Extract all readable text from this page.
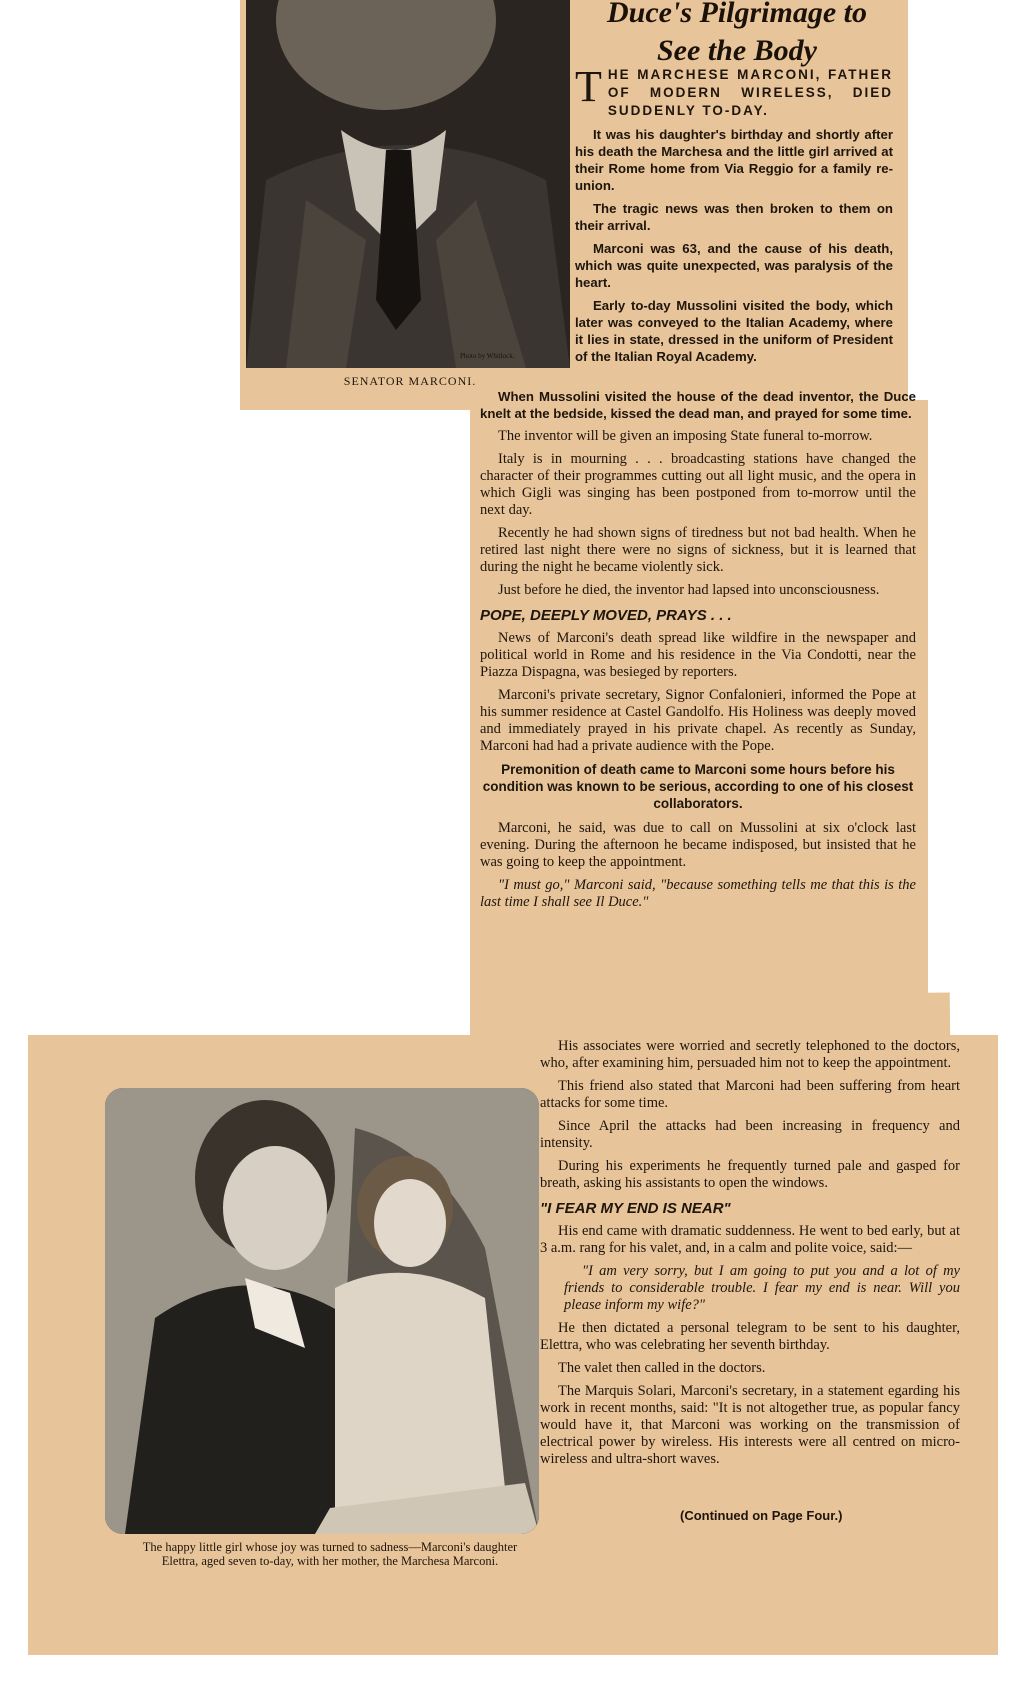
Photo by Whitlock.
SENATOR MARCONI.
Duce's Pilgrimage to
See the Body
T HE MARCHESE MARCONI, FATHER OF MODERN WIRELESS, DIED SUDDENLY TO-DAY.

It was his daughter's birthday and shortly after his death the Marchesa and the little girl arrived at their Rome home from Via Reggio for a family re-union.

The tragic news was then broken to them on their arrival.

Marconi was 63, and the cause of his death, which was quite unexpected, was paralysis of the heart.

Early to-day Mussolini visited the body, which later was conveyed to the Italian Academy, where it lies in state, dressed in the uniform of President of the Italian Royal Academy.

When Mussolini visited the house of the dead inventor, the Duce knelt at the bedside, kissed the dead man, and prayed for some time.

The inventor will be given an imposing State funeral to-morrow.

Italy is in mourning . . . broadcasting stations have changed the character of their programmes cutting out all light music, and the opera in which Gigli was singing has been postponed from to-morrow until the next day.

Recently he had shown signs of tiredness but not bad health. When he retired last night there were no signs of sickness, but it is learned that during the night he became violently sick.

Just before he died, the inventor had lapsed into unconsciousness.

POPE, DEEPLY MOVED, PRAYS . . .

News of Marconi's death spread like wildfire in the newspaper and political world in Rome and his residence in the Via Condotti, near the Piazza Dispagna, was besieged by reporters.

Marconi's private secretary, Signor Confalonieri, informed the Pope at his summer residence at Castel Gandolfo. His Holiness was deeply moved and immediately prayed in his private chapel. As recently as Sunday, Marconi had had a private audience with the Pope.

Premonition of death came to Marconi some hours before his condition was known to be serious, according to one of his closest collaborators.

Marconi, he said, was due to call on Mussolini at six o'clock last evening. During the afternoon he became indisposed, but insisted that he was going to keep the appointment.

"I must go," Marconi said, "because something tells me that this is the last time I shall see Il Duce."

His associates were worried and secretly telephoned to the doctors, who, after examining him, persuaded him not to keep the appointment.

This friend also stated that Marconi had been suffering from heart attacks for some time.

Since April the attacks had been increasing in frequency and intensity.

During his experiments he frequently turned pale and gasped for breath, asking his assistants to open the windows.

"I FEAR MY END IS NEAR"

His end came with dramatic suddenness. He went to bed early, but at 3 a.m. rang for his valet, and, in a calm and polite voice, said:—

"I am very sorry, but I am going to put you and a lot of my friends to considerable trouble. I fear my end is near. Will you please inform my wife?"

He then dictated a personal telegram to be sent to his daughter, Elettra, who was celebrating her seventh birthday.

The valet then called in the doctors.

The Marquis Solari, Marconi's secretary, in a statement egarding his work in recent months, said: "It is not altogether true, as popular fancy would have it, that Marconi was working on the transmission of electrical power by wireless. His interests were all centred on micro-wireless and ultra-short waves.

(Continued on Page Four.)
The happy little girl whose joy was turned to sadness—Marconi's daughter Elettra, aged seven to-day, with her mother, the Marchesa Marconi.
